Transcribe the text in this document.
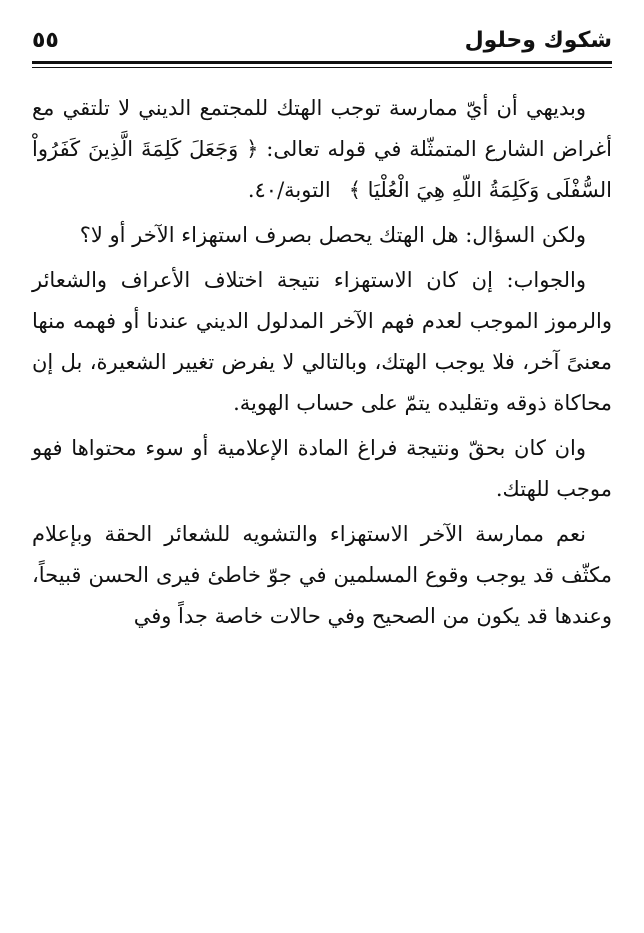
شكوك وحلول
٥٥

وبديهي أن أيّ ممارسة توجب الهتك للمجتمع الديني لا تلتقي مع أغراض الشارع المتمثّلة في قوله تعالى: ﴿ وَجَعَلَ كَلِمَةَ الَّذِينَ كَفَرُواْ السُّفْلَى وَكَلِمَةُ اللّهِ هِيَ الْعُلْيَا ﴾التوبة/٤٠.

ولكن السؤال: هل الهتك يحصل بصرف استهزاء الآخر أو لا؟

والجواب: إن كان الاستهزاء نتيجة اختلاف الأعراف والشعائر والرموز الموجب لعدم فهم الآخر المدلول الديني عندنا أو فهمه منها معنىً آخر، فلا يوجب الهتك، وبالتالي لا يفرض تغيير الشعيرة، بل إن محاكاة ذوقه وتقليده يتمّ على حساب الهوية.

وان كان بحقّ ونتيجة فراغ المادة الإعلامية أو سوء محتواها فهو موجب للهتك.

نعم ممارسة الآخر الاستهزاء والتشويه للشعائر الحقة وبإعلام مكثّف قد يوجب وقوع المسلمين في جوّ خاطئ فيرى الحسن قبيحاً، وعندها قد يكون من الصحيح وفي حالات خاصة جداً وفي
